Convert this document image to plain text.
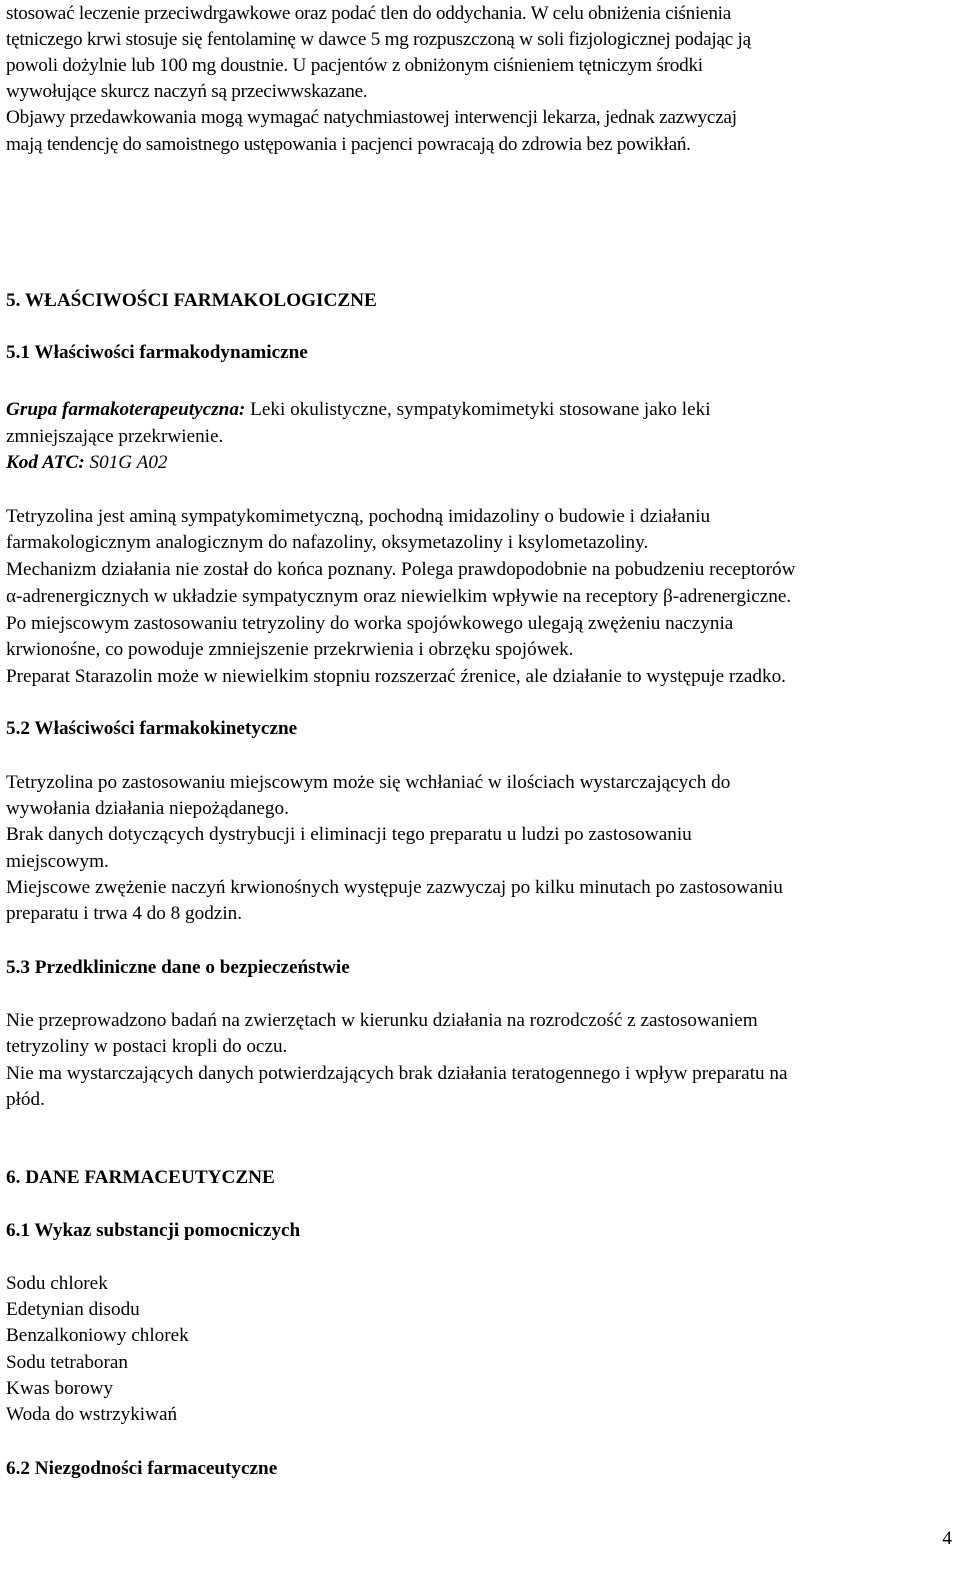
stosować leczenie przeciwdrgawkowe oraz podać tlen do oddychania. W celu obniżenia ciśnienia
tętniczego krwi stosuje się fentolaminę w dawce 5 mg rozpuszczoną w soli fizjologicznej podając ją
powoli dożylnie lub 100 mg doustnie. U pacjentów z obniżonym ciśnieniem tętniczym środki
wywołujące skurcz naczyń są przeciwwskazane.
Objawy przedawkowania mogą wymagać natychmiastowej interwencji lekarza, jednak zazwyczaj
mają tendencję do samoistnego ustępowania i pacjenci powracają do zdrowia bez powikłań.
5. WŁAŚCIWOŚCI FARMAKOLOGICZNE
5.1 Właściwości farmakodynamiczne
Grupa farmakoterapeutyczna: Leki okulistyczne, sympatykomimetyki stosowane jako leki
zmniejszające przekrwienie.
Kod ATC: S01G A02
Tetryzolina jest aminą sympatykomimetyczną, pochodną imidazoliny o budowie i działaniu
farmakologicznym analogicznym do nafazoliny, oksymetazoliny i ksylometazoliny.
Mechanizm działania nie został do końca poznany. Polega prawdopodobnie na pobudzeniu receptorów
α-adrenergicznych w układzie sympatycznym oraz niewielkim wpływie na receptory β-adrenergiczne.
Po miejscowym zastosowaniu tetryzoliny do worka spojówkowego ulegają zwężeniu naczynia
krwionośne, co powoduje zmniejszenie przekrwienia i obrzęku spojówek.
Preparat Starazolin może w niewielkim stopniu rozszerzać źrenice, ale działanie to występuje rzadko.
5.2 Właściwości farmakokinetyczne
Tetryzolina po zastosowaniu miejscowym może się wchłaniać w ilościach wystarczających do
wywołania działania niepożądanego.
Brak danych dotyczących dystrybucji i eliminacji tego preparatu u ludzi po zastosowaniu
miejscowym.
Miejscowe zwężenie naczyń krwionośnych występuje zazwyczaj po kilku minutach po zastosowaniu
preparatu i trwa 4 do 8 godzin.
5.3 Przedkliniczne dane o bezpieczeństwie
Nie przeprowadzono badań na zwierzętach w kierunku działania na rozrodczość z zastosowaniem
tetryzoliny w postaci kropli do oczu.
Nie ma wystarczających danych potwierdzających brak działania teratogennego i wpływ preparatu na
płód.
6. DANE FARMACEUTYCZNE
6.1 Wykaz substancji pomocniczych
Sodu chlorek
Edetynian disodu
Benzalkoniowy chlorek
Sodu tetraboran
Kwas borowy
Woda do wstrzykiwań
6.2 Niezgodności farmaceutyczne
4
